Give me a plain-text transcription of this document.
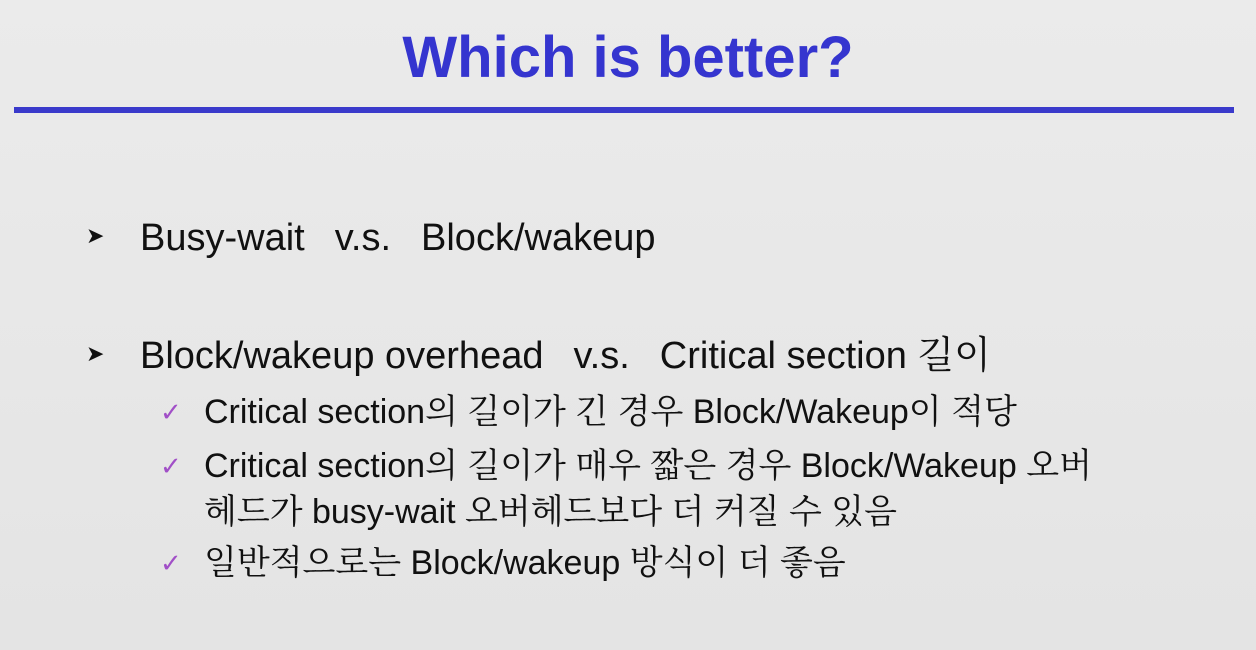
Which is better?
➤ Busy-wait v.s. Block/wakeup
➤ Block/wakeup overhead v.s. Critical section 길이
✓ Critical section의 길이가 긴 경우 Block/Wakeup이 적당
✓ Critical section의 길이가 매우 짧은 경우 Block/Wakeup 오버
헤드가 busy-wait 오버헤드보다 더 커질 수 있음
✓ 일반적으로는 Block/wakeup 방식이 더 좋음
